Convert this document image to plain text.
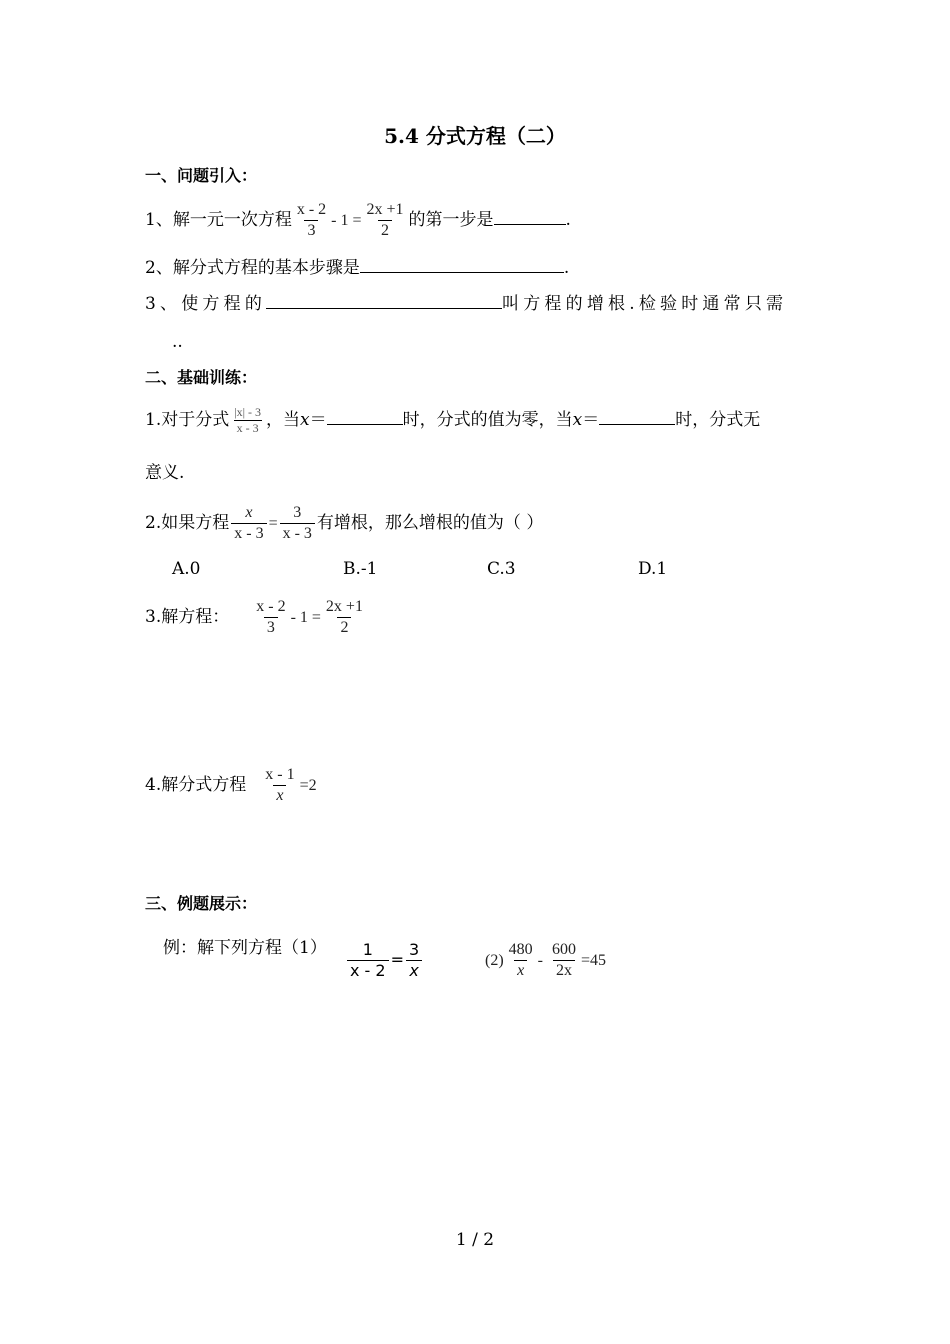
5.4 分式方程（二）
一、问题引入：
1、解一元一次方程 $\frac{x - 2}{3} - 1 = \frac{2x +1}{2}$ 的第一步是	.
2、解分式方程的基本步骤是	.
3、使方程的	叫方程的增根.检验时通常只需
..
二、基础训练：
1.对于分式 $\frac{|x| - 3}{x - 3}$ ，当x＝	时，分式的值为零，当x＝	时，分式无
意义.
2.如果方程 $\frac{x}{x - 3} = \frac{3}{x - 3}$ 有增根，那么增根的值为（ ）
A.0	B.-1	C.3	D.1
3.解方程： $\frac{x - 2}{3} - 1 = \frac{2x +1}{2}$
4.解分式方程 $\frac{x - 1}{x} =2$
三、例题展示：
例：解下列方程$(1) \frac{1}{x - 2} = \frac{3}{x}$	$(2) \frac{480}{x} - \frac{600}{2x} =45$
1 / 2
